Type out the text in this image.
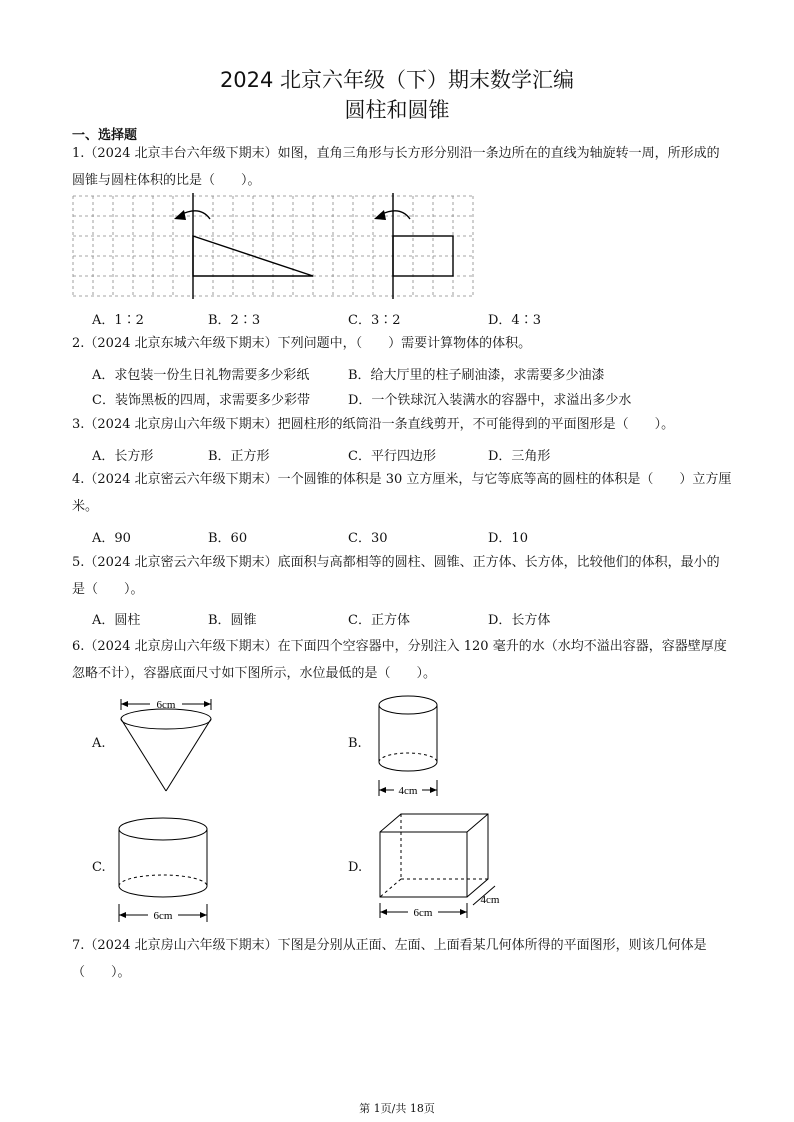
2024 北京六年级（下）期末数学汇编
圆柱和圆锥
一、选择题
1.（2024 北京丰台六年级下期末）如图，直角三角形与长方形分别沿一条边所在的直线为轴旋转一周，所形成的圆锥与圆柱体积的比是（　　）。
A．1∶2	B．2∶3	C．3∶2	D．4∶3
2.（2024 北京东城六年级下期末）下列问题中，（　　）需要计算物体的体积。
A．求包装一份生日礼物需要多少彩纸	B．给大厅里的柱子刷油漆，求需要多少油漆
C．装饰黑板的四周，求需要多少彩带	D．一个铁球沉入装满水的容器中，求溢出多少水
3.（2024 北京房山六年级下期末）把圆柱形的纸筒沿一条直线剪开，不可能得到的平面图形是（　　）。
A．长方形	B．正方形	C．平行四边形	D．三角形
4.（2024 北京密云六年级下期末）一个圆锥的体积是 30 立方厘米，与它等底等高的圆柱的体积是（　　）立方厘米。
A．90	B．60	C．30	D．10
5.（2024 北京密云六年级下期末）底面积与高都相等的圆柱、圆锥、正方体、长方体，比较他们的体积，最小的是（　　）。
A．圆柱	B．圆锥	C．正方体	D．长方体
6.（2024 北京房山六年级下期末）在下面四个空容器中，分别注入 120 毫升的水（水均不溢出容器，容器壁厚度忽略不计），容器底面尺寸如下图所示，水位最低的是（　　）。
A.
6cm
B.
4cm
C.
6cm
D.
6cm
4cm
7.（2024 北京房山六年级下期末）下图是分别从正面、左面、上面看某几何体所得的平面图形，则该几何体是（　　）。
第 1页/共 18页
